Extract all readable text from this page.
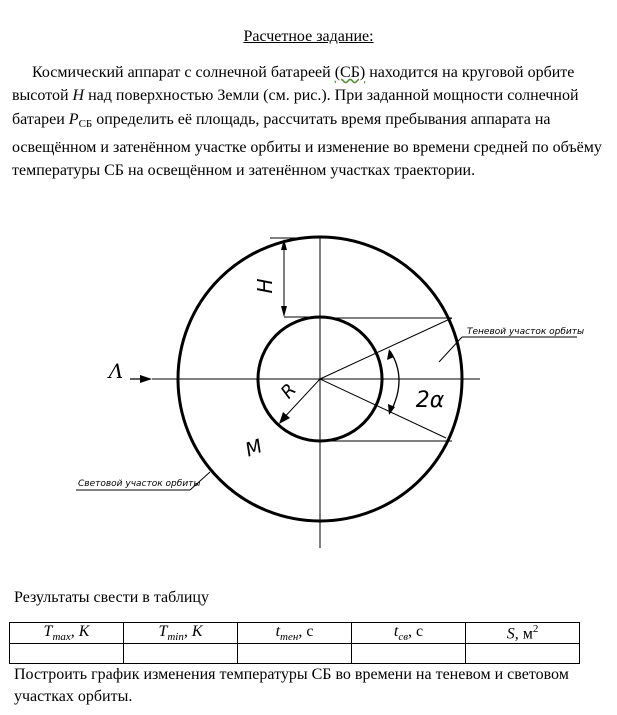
Расчетное задание:

Космический аппарат с солнечной батареей (СБ) находится на круговой орбите высотой H над поверхностью Земли (см. рис.). При заданной мощности солнечной батареи $P_{СБ}$ определить её площадь, рассчитать время пребывания аппарата на освещённом и затенённом участке орбиты и изменение во времени средней по объёму температуры СБ на освещённом и затенённом участках траектории.

H
R
M
Λ
2α
Теневой участок орбиты
Световой участок орбиты
Результаты свести в таблицу
$T_{max}$, K	$T_{min}$, K	$t_{тен}$, с	$t_{св}$, с	S, $м^2$

Построить график изменения температуры СБ во времени на теневом и световом участках орбиты.
